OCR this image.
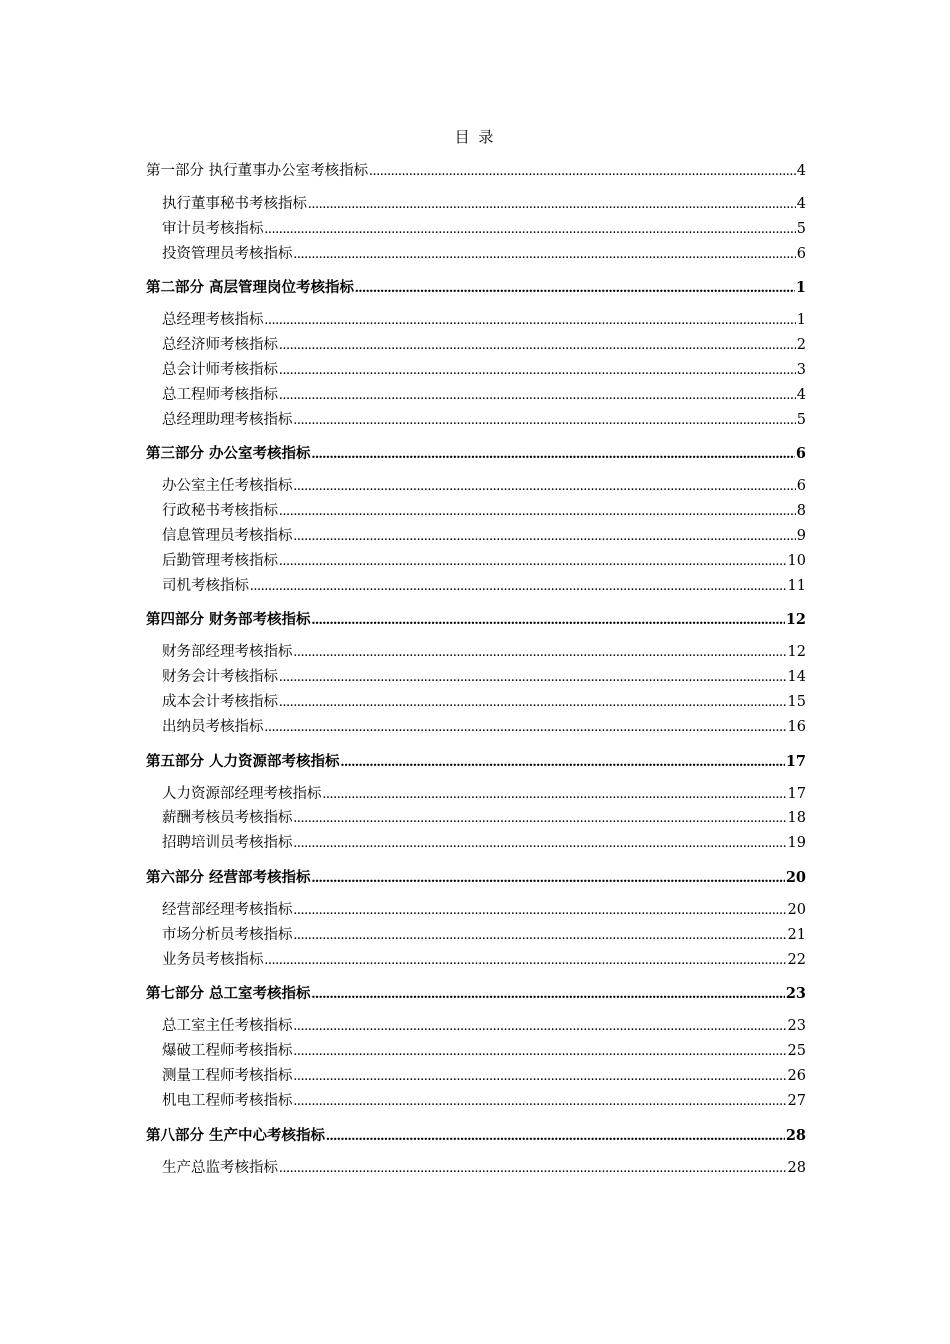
目 录
第一部分 执行董事办公室考核指标 .....	4
执行董事秘书考核指标 .....	4
审计员考核指标 .....	5
投资管理员考核指标 .....	6
第二部分 高层管理岗位考核指标 .....	1
总经理考核指标 .....	1
总经济师考核指标 .....	2
总会计师考核指标 .....	3
总工程师考核指标 .....	4
总经理助理考核指标 .....	5
第三部分 办公室考核指标 .....	6
办公室主任考核指标 .....	6
行政秘书考核指标 .....	8
信息管理员考核指标 .....	9
后勤管理考核指标 .....	10
司机考核指标 .....	11
第四部分 财务部考核指标 .....	12
财务部经理考核指标 .....	12
财务会计考核指标 .....	14
成本会计考核指标 .....	15
出纳员考核指标 .....	16
第五部分 人力资源部考核指标 .....	17
人力资源部经理考核指标 .....	17
薪酬考核员考核指标 .....	18
招聘培训员考核指标 .....	19
第六部分 经营部考核指标 .....	20
经营部经理考核指标 .....	20
市场分析员考核指标 .....	21
业务员考核指标 .....	22
第七部分 总工室考核指标 .....	23
总工室主任考核指标 .....	23
爆破工程师考核指标 .....	25
测量工程师考核指标 .....	26
机电工程师考核指标 .....	27
第八部分 生产中心考核指标 .....	28
生产总监考核指标 .....	28
